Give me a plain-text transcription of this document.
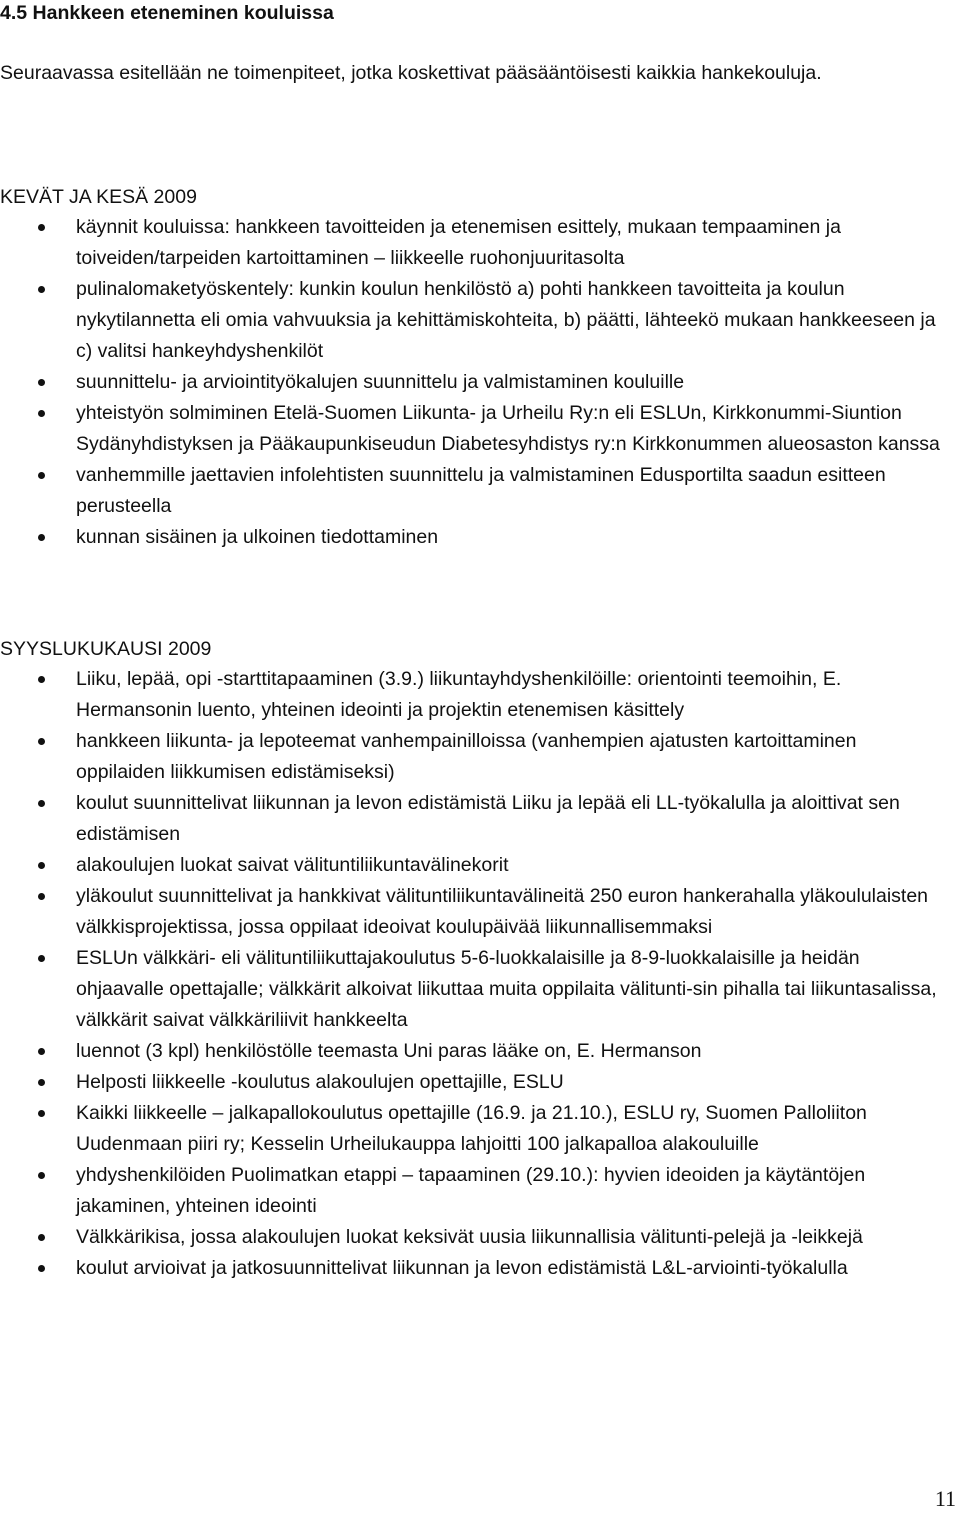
4.5 Hankkeen eteneminen kouluissa

Seuraavassa esitellään ne toimenpiteet, jotka koskettivat pääsääntöisesti kaikkia hankekouluja.

KEVÄT JA KESÄ 2009

käynnit kouluissa: hankkeen tavoitteiden ja etenemisen esittely, mukaan tempaaminen ja toiveiden/tarpeiden kartoittaminen – liikkeelle ruohonjuuritasolta
pulinalomaketyöskentely: kunkin koulun henkilöstö a) pohti hankkeen tavoitteita ja koulun nykytilannetta eli omia vahvuuksia ja kehittämiskohteita, b) päätti, lähteekö mukaan hankkeeseen ja c) valitsi hankeyhdyshenkilöt
suunnittelu- ja arviointityökalujen suunnittelu ja valmistaminen kouluille
yhteistyön solmiminen Etelä-Suomen Liikunta- ja Urheilu Ry:n eli ESLUn, Kirkkonummi-Siuntion Sydänyhdistyksen ja Pääkaupunkiseudun Diabetesyhdistys ry:n Kirkkonummen alueosaston kanssa
vanhemmille jaettavien infolehtisten suunnittelu ja valmistaminen Edusportilta saadun esitteen perusteella
kunnan sisäinen ja ulkoinen tiedottaminen

SYYSLUKUKAUSI 2009

Liiku, lepää, opi -starttitapaaminen (3.9.) liikuntayhdyshenkilöille: orientointi teemoihin, E. Hermansonin luento, yhteinen ideointi ja projektin etenemisen käsittely
hankkeen liikunta- ja lepoteemat vanhempainilloissa (vanhempien ajatusten kartoittaminen oppilaiden liikkumisen edistämiseksi)
koulut suunnittelivat liikunnan ja levon edistämistä Liiku ja lepää eli LL-työkalulla ja aloittivat sen edistämisen
alakoulujen luokat saivat välituntiliikuntavälinekorit
yläkoulut suunnittelivat ja hankkivat välituntiliikuntavälineitä 250 euron hankerahalla yläkoululaisten välkkisprojektissa, jossa oppilaat ideoivat koulupäivää liikunnallisemmaksi
ESLUn välkkäri- eli välituntiliikuttajakoulutus 5-6-luokkalaisille ja 8-9-luokkalaisille ja heidän ohjaavalle opettajalle; välkkärit alkoivat liikuttaa muita oppilaita välitunti-sin pihalla tai liikuntasalissa, välkkärit saivat välkkäriliivit hankkeelta
luennot (3 kpl) henkilöstölle teemasta Uni paras lääke on, E. Hermanson
Helposti liikkeelle -koulutus alakoulujen opettajille, ESLU
Kaikki liikkeelle – jalkapallokoulutus opettajille (16.9. ja 21.10.), ESLU ry, Suomen Palloliiton Uudenmaan piiri ry; Kesselin Urheilukauppa lahjoitti 100 jalkapalloa alakouluille
yhdyshenkilöiden Puolimatkan etappi – tapaaminen (29.10.): hyvien ideoiden ja käytäntöjen jakaminen, yhteinen ideointi
Välkkärikisa, jossa alakoulujen luokat keksivät uusia liikunnallisia välitunti-pelejä ja -leikkejä
koulut arvioivat ja jatkosuunnittelivat liikunnan ja levon edistämistä L&L-arviointi-työkalulla

11
